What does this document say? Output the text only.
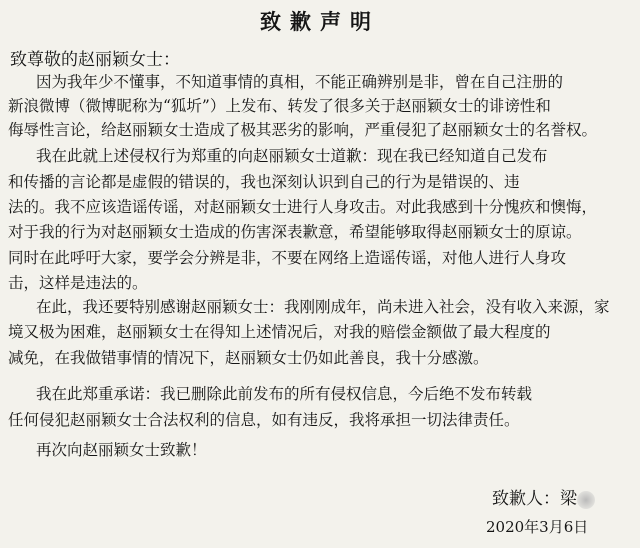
致歉声明
致尊敬的赵丽颖女士：
因为我年少不懂事，不知道事情的真相，不能正确辨别是非，曾在自己注册的
新浪微博（微博昵称为“狐圻”）上发布、转发了很多关于赵丽颖女士的诽谤性和
侮辱性言论，给赵丽颖女士造成了极其恶劣的影响，严重侵犯了赵丽颖女士的名誉权。
我在此就上述侵权行为郑重的向赵丽颖女士道歉：现在我已经知道自己发布
和传播的言论都是虚假的错误的，我也深刻认识到自己的行为是错误的、违
法的。我不应该造谣传谣，对赵丽颖女士进行人身攻击。对此我感到十分愧疚和懊悔，
对于我的行为对赵丽颖女士造成的伤害深表歉意，希望能够取得赵丽颖女士的原谅。
同时在此呼吁大家，要学会分辨是非，不要在网络上造谣传谣，对他人进行人身攻
击，这样是违法的。
在此，我还要特别感谢赵丽颖女士：我刚刚成年，尚未进入社会，没有收入来源，家
境又极为困难，赵丽颖女士在得知上述情况后，对我的赔偿金额做了最大程度的
减免，在我做错事情的情况下，赵丽颖女士仍如此善良，我十分感激。
我在此郑重承诺：我已删除此前发布的所有侵权信息，今后绝不发布转载
任何侵犯赵丽颖女士合法权利的信息，如有违反，我将承担一切法律责任。
再次向赵丽颖女士致歉！
致歉人：梁
2020年3月6日
